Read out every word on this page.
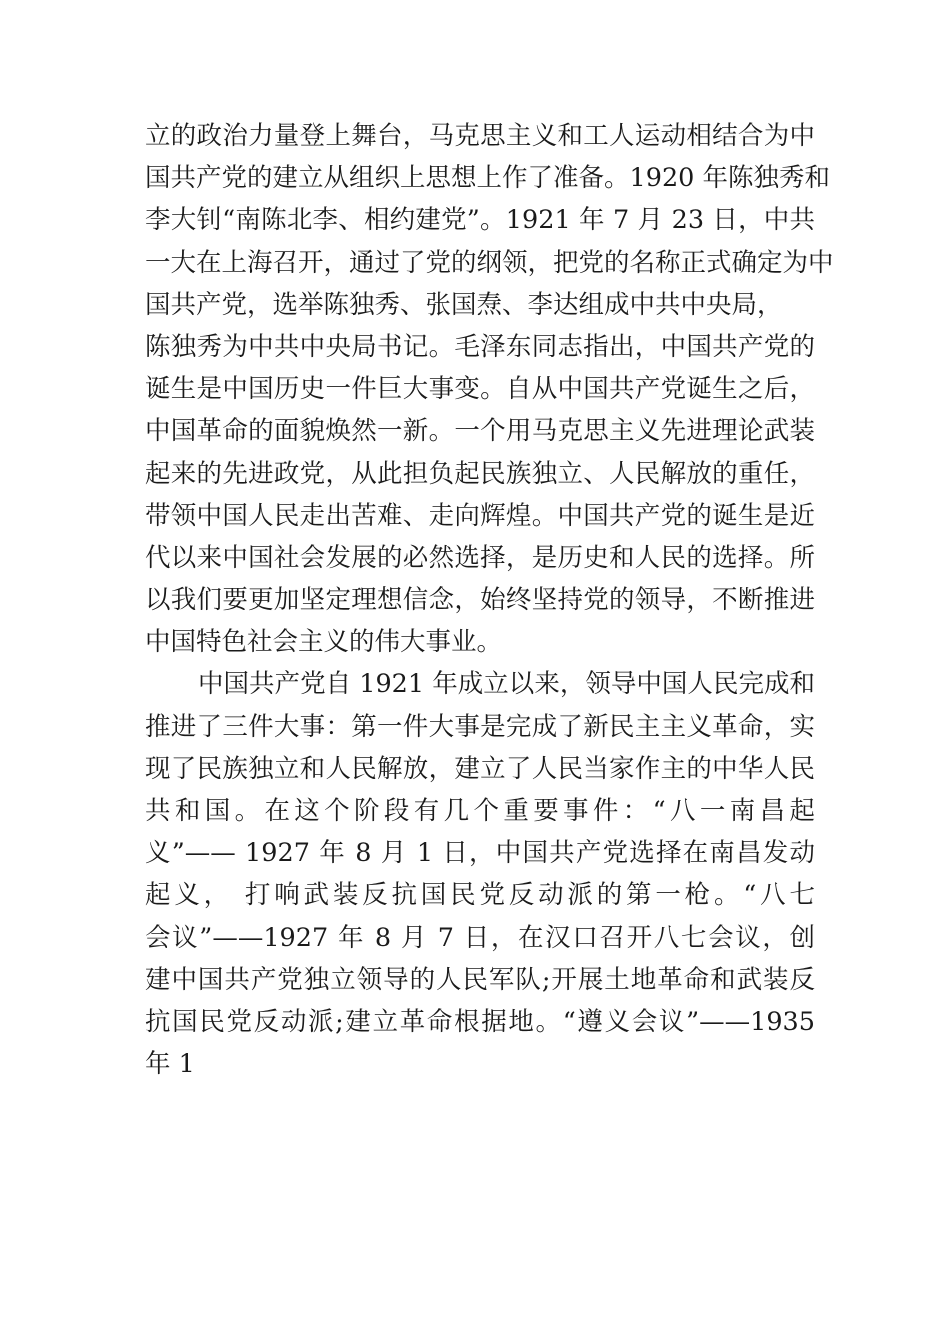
立的政治力量登上舞台，马克思主义和工人运动相结合为中
国共产党的建立从组织上思想上作了准备。1920 年陈独秀和
李大钊“南陈北李、相约建党”。1921 年 7 月 23 日，中共
一大在上海召开，通过了党的纲领，把党的名称正式确定为中
国共产党，选举陈独秀、张国焘、李达组成中共中央局，
陈独秀为中共中央局书记。毛泽东同志指出，中国共产党的
诞生是中国历史一件巨大事变。自从中国共产党诞生之后，
中国革命的面貌焕然一新。一个用马克思主义先进理论武装
起来的先进政党，从此担负起民族独立、人民解放的重任，
带领中国人民走出苦难、走向辉煌。中国共产党的诞生是近
代以来中国社会发展的必然选择，是历史和人民的选择。所
以我们要更加坚定理想信念，始终坚持党的领导，不断推进
中国特色社会主义的伟大事业。
中国共产党自 1921 年成立以来，领导中国人民完成和
推进了三件大事：第一件大事是完成了新民主主义革命，实
现了民族独立和人民解放，建立了人民当家作主的中华人民
共和国。在这个阶段有几个重要事件：“八一南昌起
义”—— 1927 年 8 月 1 日，中国共产党选择在南昌发动
起义， 打响武装反抗国民党反动派的第一枪。“八七
会议”——1927 年 8 月 7 日，在汉口召开八七会议，创
建中国共产党独立领导的人民军队;开展土地革命和武装反
抗国民党反动派;建立革命根据地。“遵义会议”——1935
年 1
